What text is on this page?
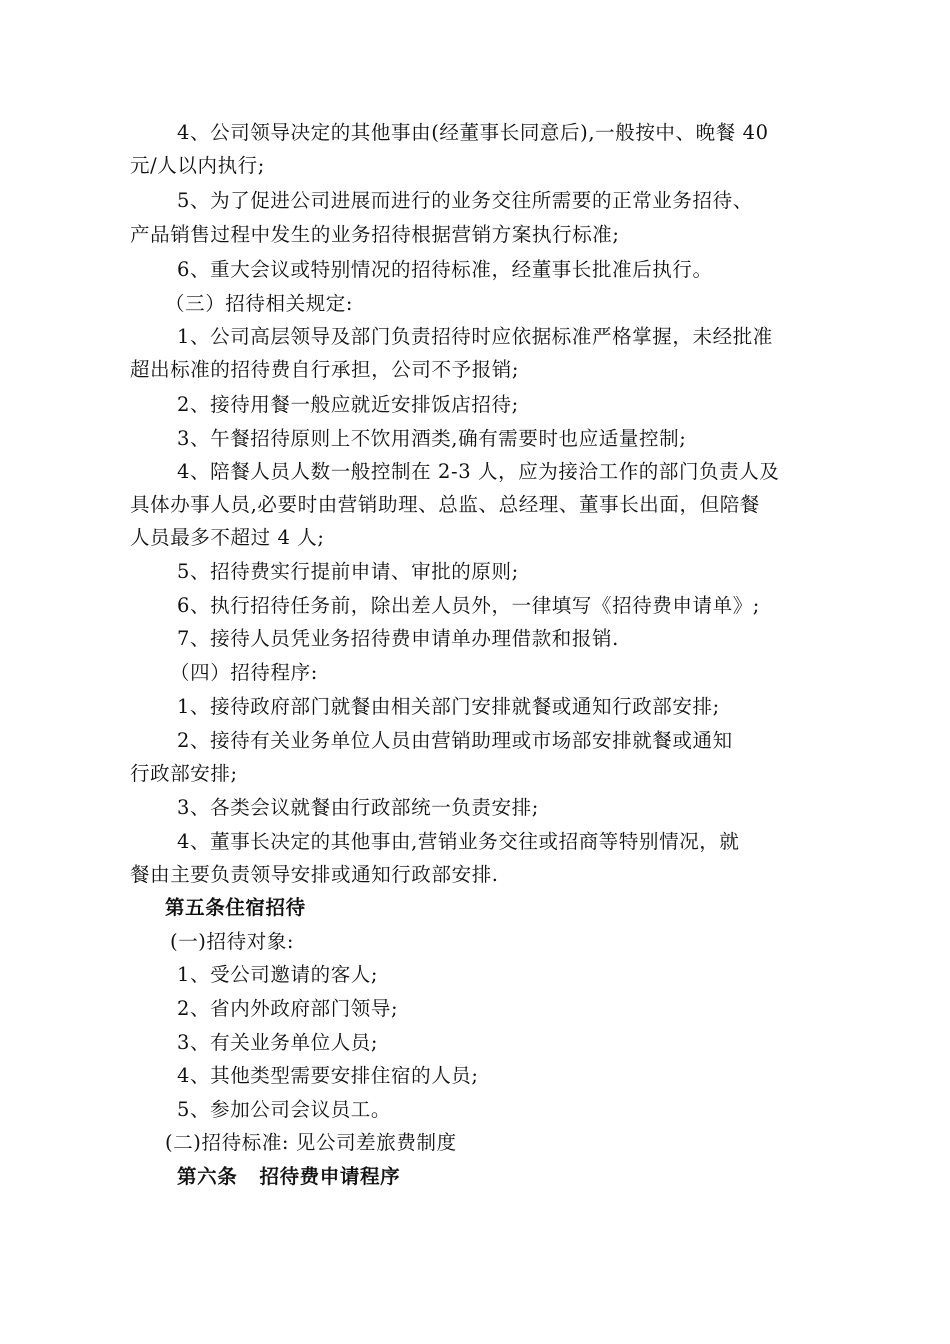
4、公司领导决定的其他事由(经董事长同意后),一般按中、晚餐 40
元/人以内执行;
5、为了促进公司进展而进行的业务交往所需要的正常业务招待、
产品销售过程中发生的业务招待根据营销方案执行标准;
6、重大会议或特别情况的招待标准，经董事长批准后执行。
（三）招待相关规定:
1、公司高层领导及部门负责招待时应依据标准严格掌握，未经批准
超出标准的招待费自行承担，公司不予报销;
2、接待用餐一般应就近安排饭店招待;
3、午餐招待原则上不饮用酒类,确有需要时也应适量控制;
4、陪餐人员人数一般控制在 2-3 人，应为接洽工作的部门负责人及
具体办事人员,必要时由营销助理、总监、总经理、董事长出面，但陪餐
人员最多不超过 4 人;
5、招待费实行提前申请、审批的原则;
6、执行招待任务前，除出差人员外，一律填写《招待费申请单》;
7、接待人员凭业务招待费申请单办理借款和报销.
（四）招待程序:
1、接待政府部门就餐由相关部门安排就餐或通知行政部安排;
2、接待有关业务单位人员由营销助理或市场部安排就餐或通知
行政部安排;
3、各类会议就餐由行政部统一负责安排;
4、董事长决定的其他事由,营销业务交往或招商等特别情况，就
餐由主要负责领导安排或通知行政部安排.
第五条住宿招待
(一)招待对象:
1、受公司邀请的客人;
2、省内外政府部门领导;
3、有关业务单位人员;
4、其他类型需要安排住宿的人员;
5、参加公司会议员工。
(二)招待标准: 见公司差旅费制度
第六条   招待费申请程序
